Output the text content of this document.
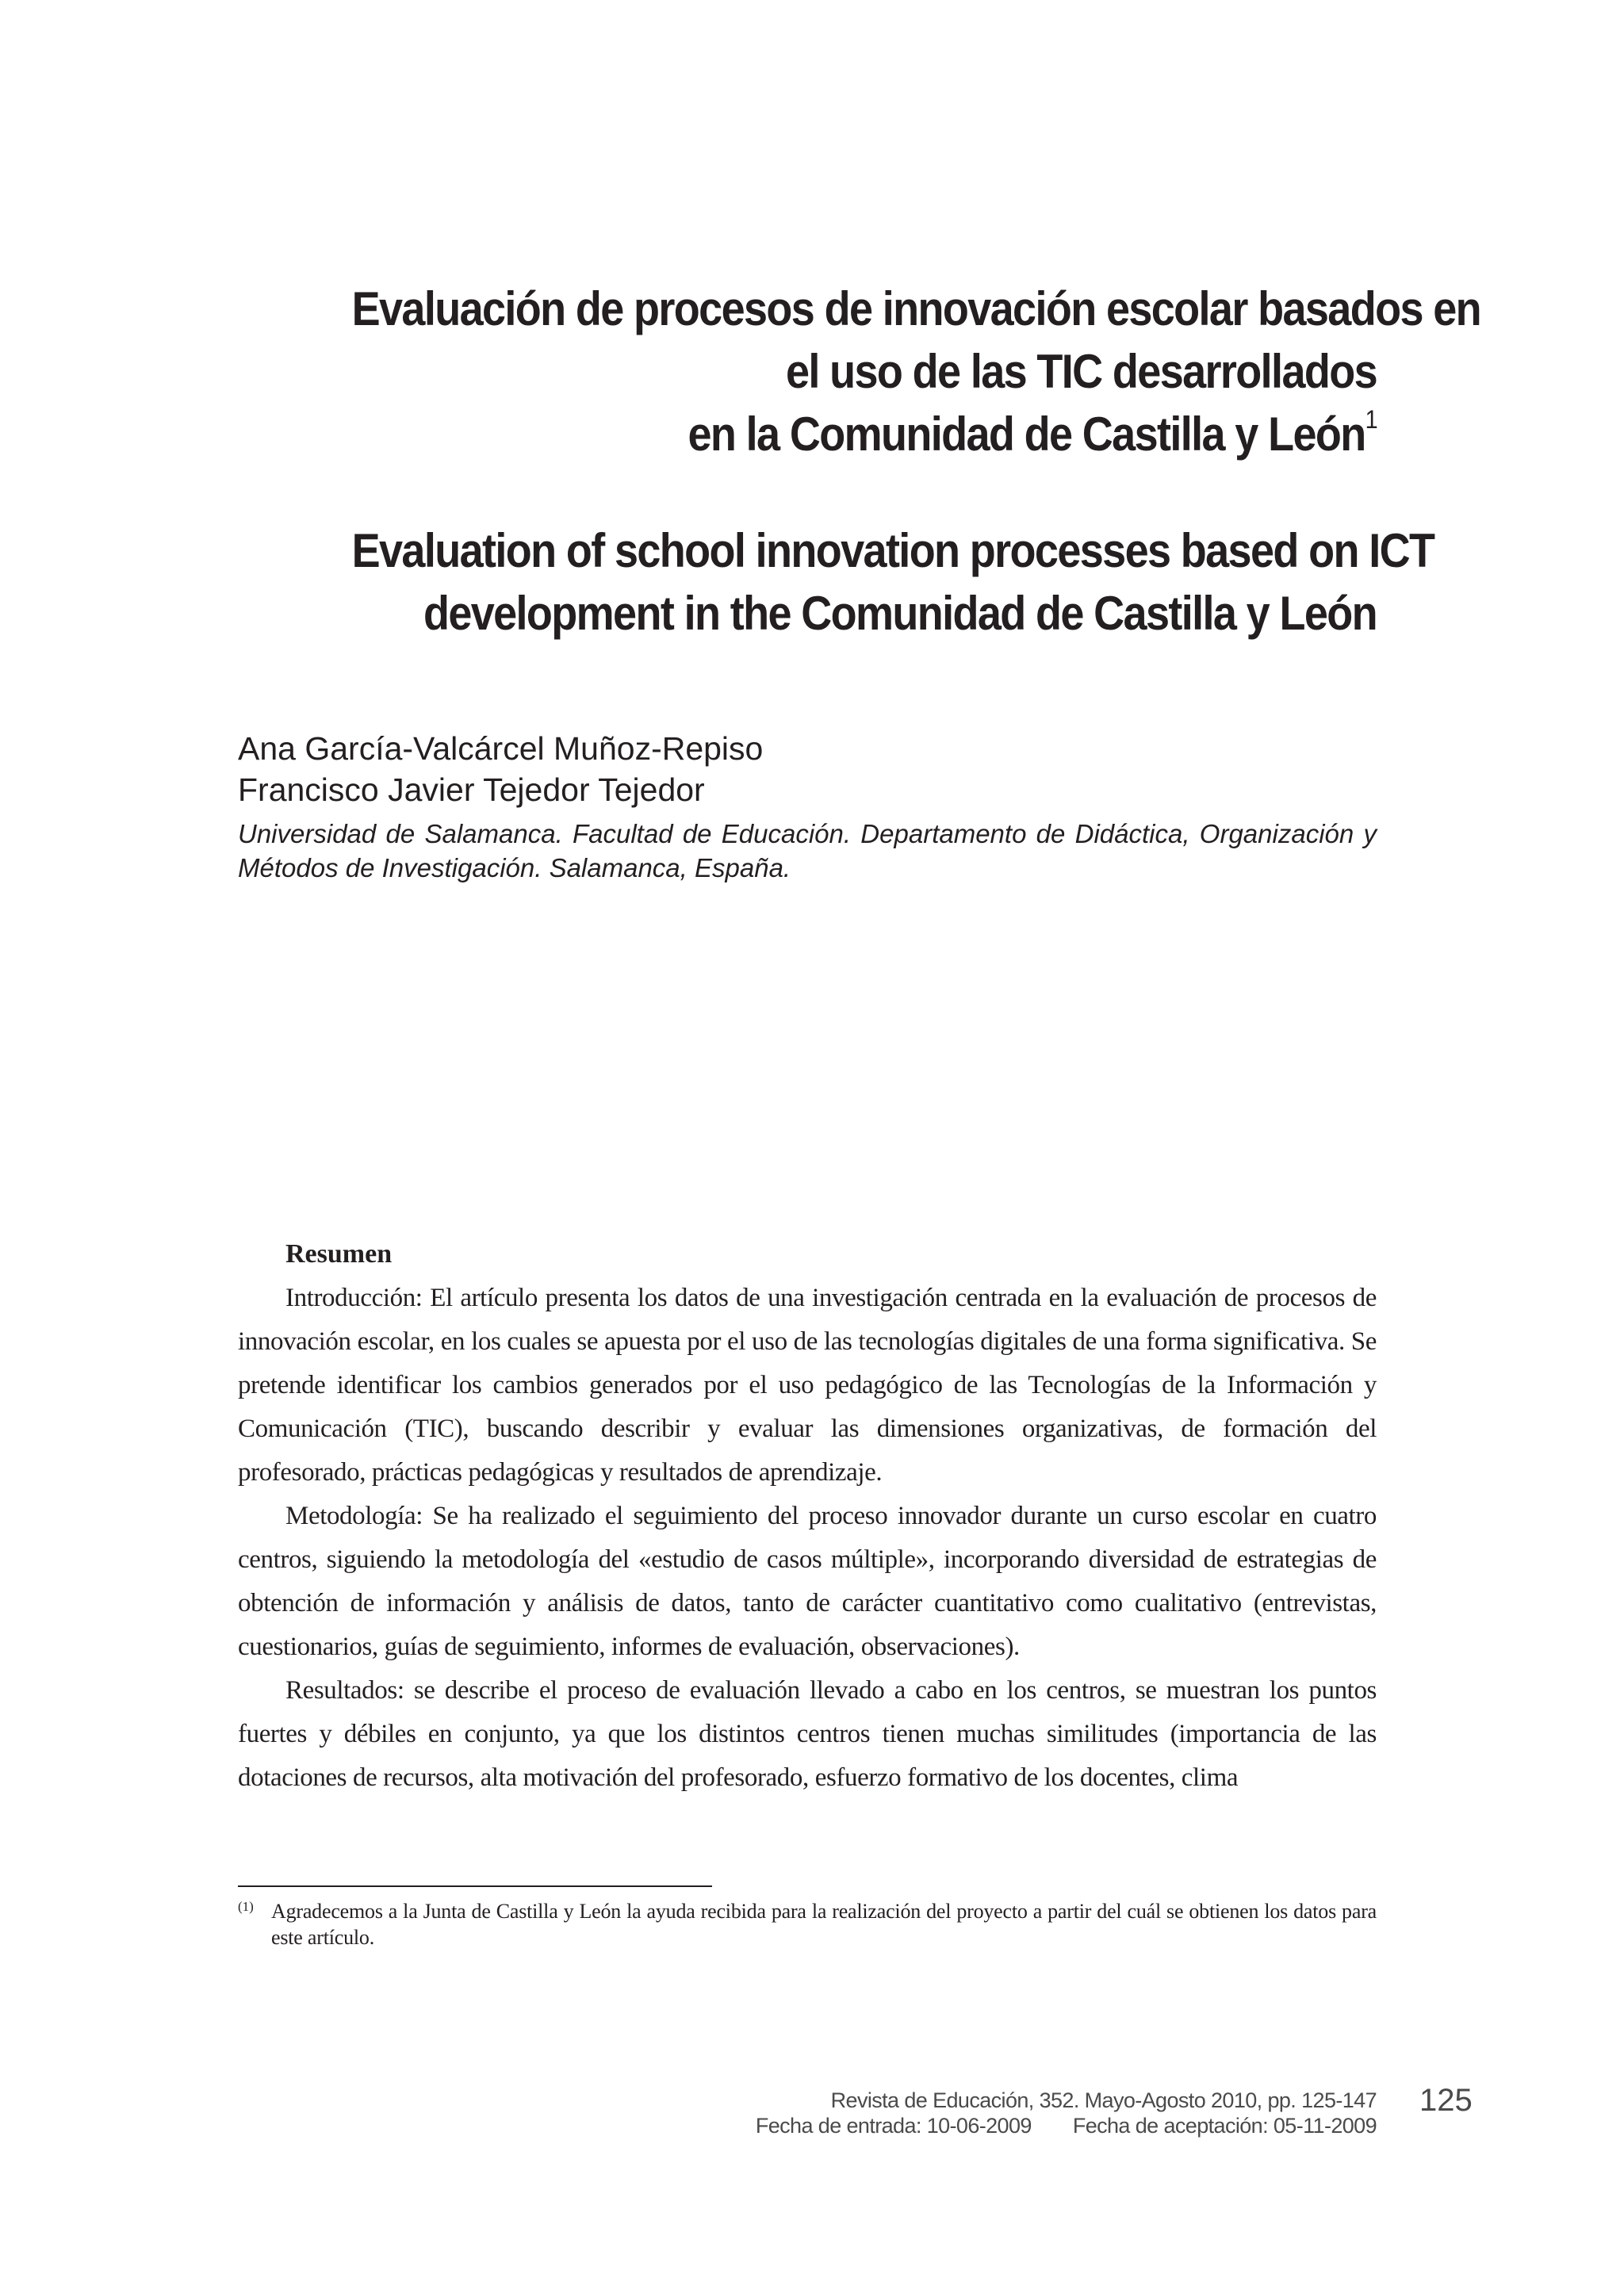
Evaluación de procesos de innovación escolar basados en
el uso de las TIC desarrollados
en la Comunidad de Castilla y León$^1$
Evaluation of school innovation processes based on ICT
development in the Comunidad de Castilla y León
Ana García-Valcárcel Muñoz-Repiso
Francisco Javier Tejedor Tejedor
Universidad de Salamanca. Facultad de Educación. Departamento de Didáctica, Organización y Métodos de Investigación. Salamanca, España.
Resumen

Introducción: El artículo presenta los datos de una investigación centrada en la evaluación de procesos de innovación escolar, en los cuales se apuesta por el uso de las tecnologías digitales de una forma significativa. Se pretende identificar los cambios generados por el uso pedagógico de las Tecnologías de la Información y Comunicación (TIC), buscando describir y evaluar las dimensiones organizativas, de formación del profesorado, prácticas pedagógicas y resultados de aprendizaje.

Metodología: Se ha realizado el seguimiento del proceso innovador durante un curso escolar en cuatro centros, siguiendo la metodología del «estudio de casos múltiple», incorporando diversidad de estrategias de obtención de información y análisis de datos, tanto de carácter cuantitativo como cualitativo (entrevistas, cuestionarios, guías de seguimiento, informes de evaluación, observaciones).

Resultados: se describe el proceso de evaluación llevado a cabo en los centros, se muestran los puntos fuertes y débiles en conjunto, ya que los distintos centros tienen muchas similitudes (importancia de las dotaciones de recursos, alta motivación del profesorado, esfuerzo formativo de los docentes, clima

(1) Agradecemos a la Junta de Castilla y León la ayuda recibida para la realización del proyecto a partir del cuál se obtienen los datos para este artículo.
Revista de Educación, 352. Mayo-Agosto 2010, pp. 125-147
Fecha de entrada: 10-06-2009 Fecha de aceptación: 05-11-2009
125
